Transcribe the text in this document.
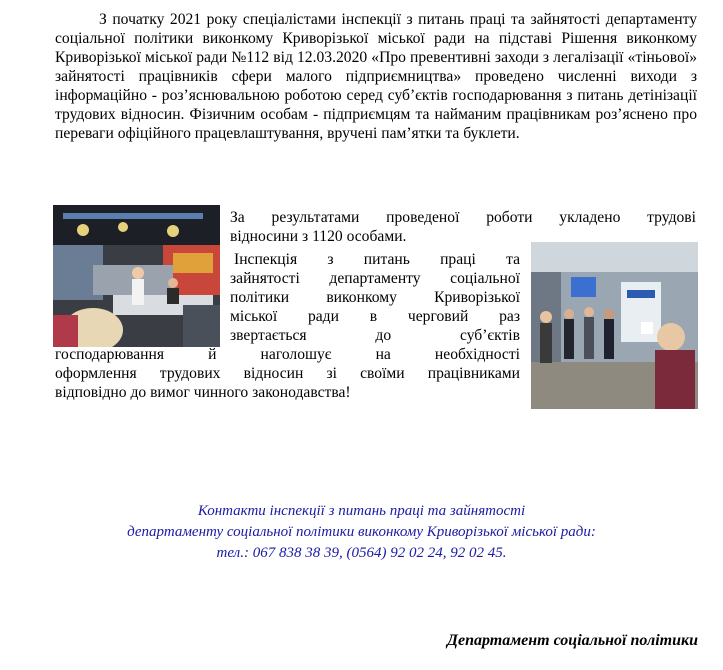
З початку 2021 року спеціалістами інспекції з питань праці та зайнятості департаменту соціальної політики виконкому Криворізької міської ради на підставі Рішення виконкому Криворізької міської ради №112 від 12.03.2020 «Про превентивні заходи з легалізації «тіньової» зайнятості працівників сфери малого підприємництва» проведено численні виходи з інформаційно - роз’яснювальною роботою серед суб’єктів господарювання з питань детінізації трудових відносин. Фізичним особам - підприємцям та найманим працівникам роз’яснено про переваги офіційного працевлаштування, вручені пам’ятки та буклети.

За результатами проведеної роботи укладено трудові

відносини з 1120 особами.

Інспекція з питань праці та

зайнятості департаменту соціальної

політики виконкому Криворізької

міської ради в черговий раз

звертається до суб’єктів

господарювання й наголошує на необхідності

оформлення трудових відносин зі своїми працівниками

відповідно до вимог чинного законодавства!

Контакти інспекції з питань праці та зайнятості
департаменту соціальної політики виконкому Криворізької міської ради:
тел.: 067 838 38 39, (0564) 92 02 24, 92 02 45.
Департамент соціальної політики
